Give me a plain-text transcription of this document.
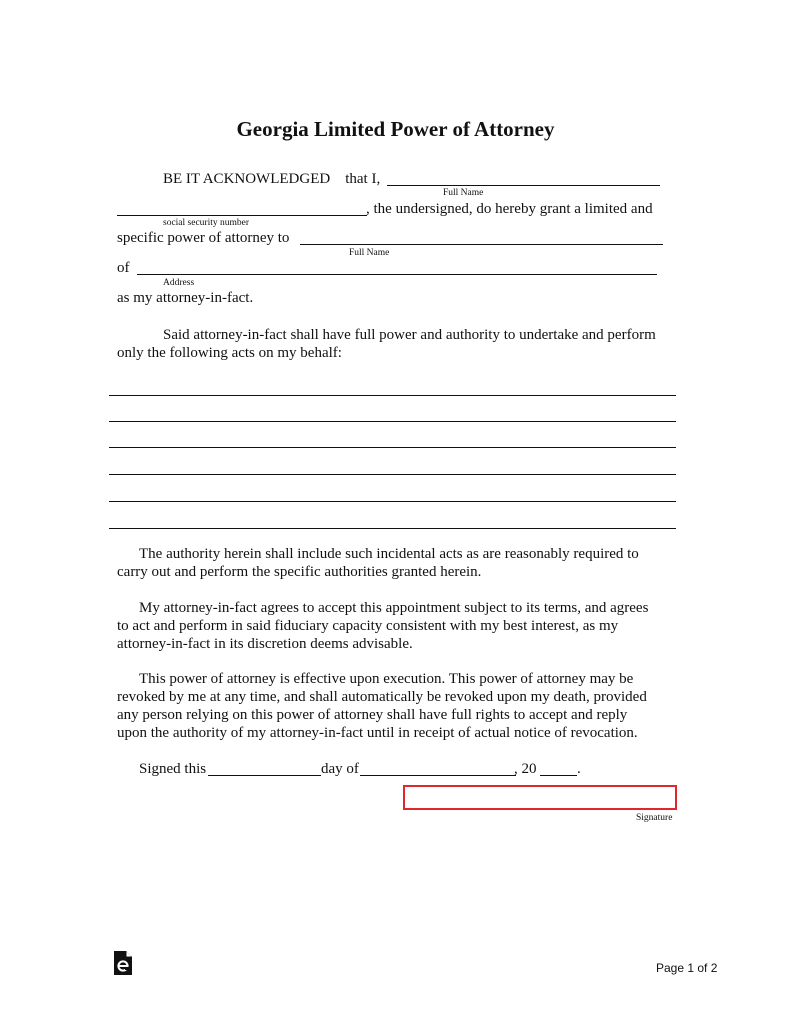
Georgia Limited Power of Attorney
BE IT ACKNOWLEDGED that I,
Full Name
, the undersigned, do hereby grant a limited and
social security number
specific power of attorney to
Full Name
of
Address
as my attorney-in-fact.
Said attorney-in-fact shall have full power and authority to undertake and perform
only the following acts on my behalf:
The authority herein shall include such incidental acts as are reasonably required to
carry out and perform the specific authorities granted herein.
My attorney-in-fact agrees to accept this appointment subject to its terms, and agrees
to act and perform in said fiduciary capacity consistent with my best interest, as my
attorney-in-fact in its discretion deems advisable.
This power of attorney is effective upon execution. This power of attorney may be
revoked by me at any time, and shall automatically be revoked upon my death, provided
any person relying on this power of attorney shall have full rights to accept and reply
upon the authority of my attorney-in-fact until in receipt of actual notice of revocation.
Signed this	day of	, 20	.
Signature
Page 1 of 2
